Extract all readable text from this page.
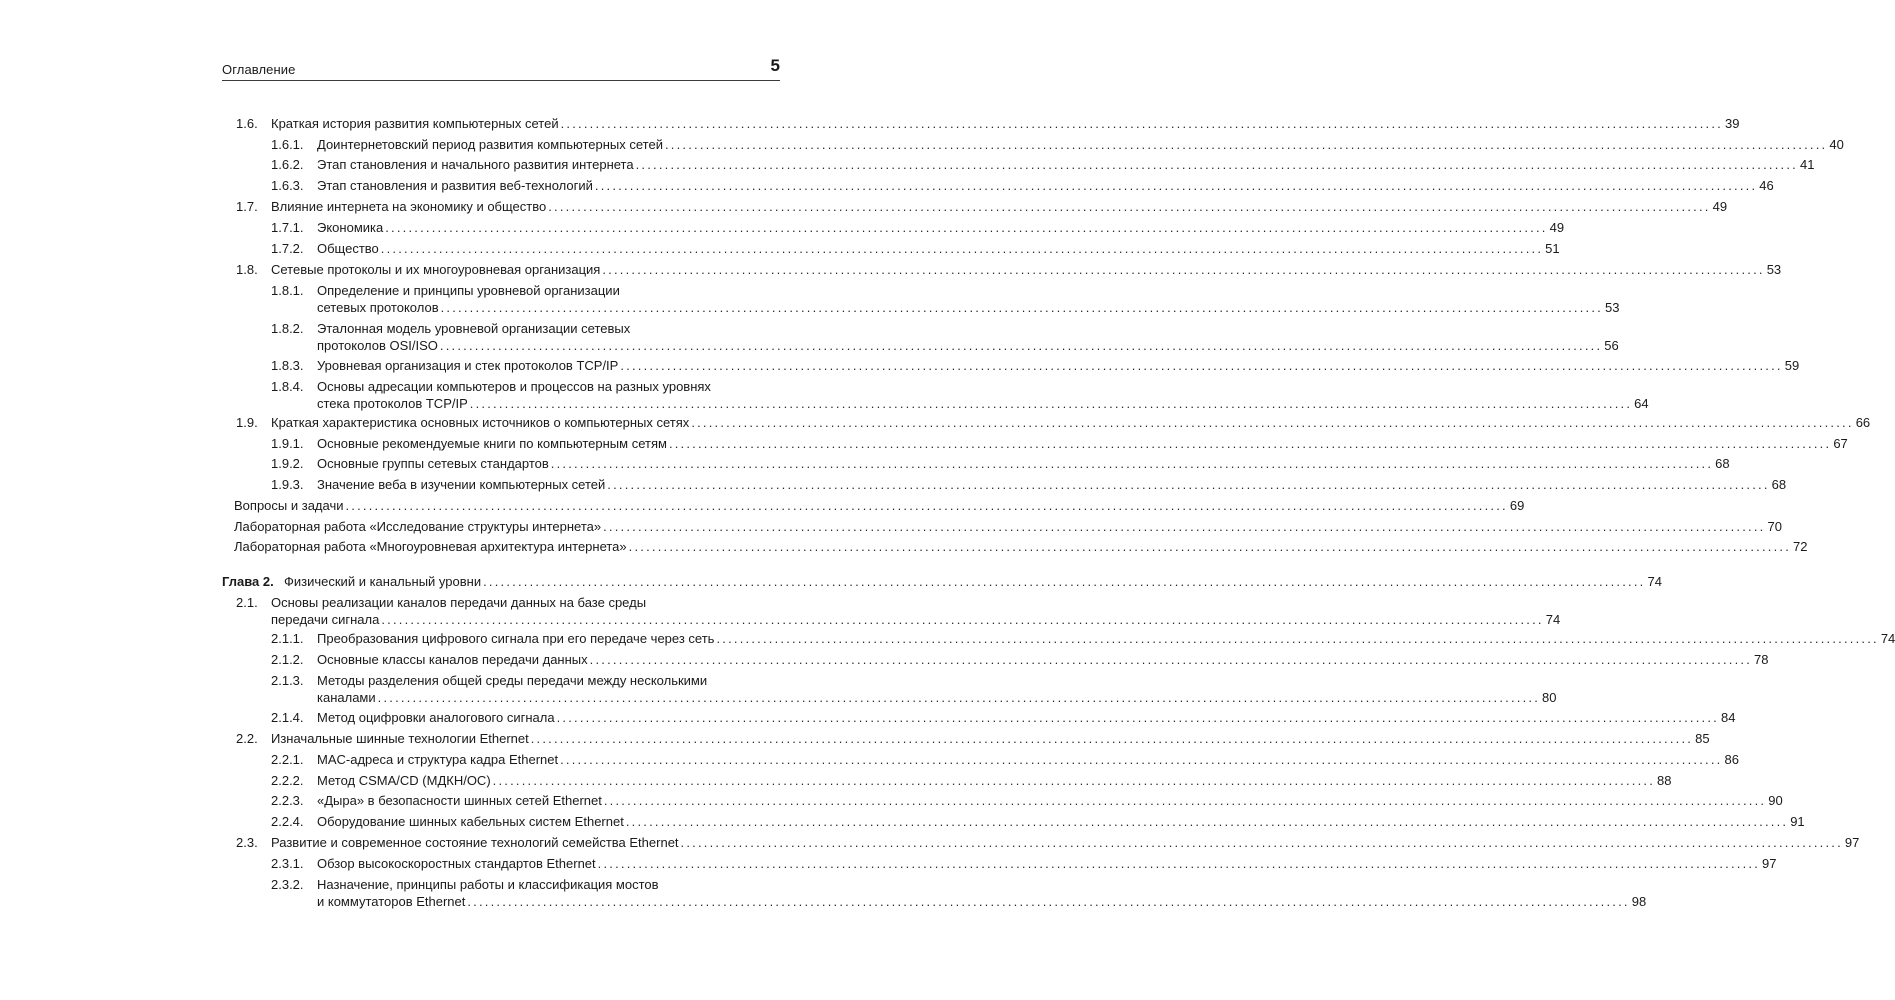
Оглавление	5
1.6. Краткая история развития компьютерных сетей ........................................................................................................................................................................................................ 39
1.6.1. Доинтернетовский период развития компьютерных сетей ........................................................................................................................................................................................................ 40
1.6.2. Этап становления и начального развития интернета ........................................................................................................................................................................................................ 41
1.6.3. Этап становления и развития веб-технологий ........................................................................................................................................................................................................ 46
1.7. Влияние интернета на экономику и общество ........................................................................................................................................................................................................ 49
1.7.1. Экономика ........................................................................................................................................................................................................ 49
1.7.2. Общество ........................................................................................................................................................................................................ 51
1.8. Сетевые протоколы и их многоуровневая организация ........................................................................................................................................................................................................ 53
1.8.1. Определение и принципы уровневой организации
сетевых протоколов ........................................................................................................................................................................................................ 53
1.8.2. Эталонная модель уровневой организации сетевых
протоколов OSI/ISO ........................................................................................................................................................................................................ 56
1.8.3. Уровневая организация и стек протоколов TCP/IP ........................................................................................................................................................................................................ 59
1.8.4. Основы адресации компьютеров и процессов на разных уровнях
стека протоколов TCP/IP ........................................................................................................................................................................................................ 64
1.9. Краткая характеристика основных источников о компьютерных сетях ........................................................................................................................................................................................................ 66
1.9.1. Основные рекомендуемые книги по компьютерным сетям ........................................................................................................................................................................................................ 67
1.9.2. Основные группы сетевых стандартов ........................................................................................................................................................................................................ 68
1.9.3. Значение веба в изучении компьютерных сетей ........................................................................................................................................................................................................ 68
Вопросы и задачи ........................................................................................................................................................................................................ 69
Лабораторная работа «Исследование структуры интернета» ........................................................................................................................................................................................................ 70
Лабораторная работа «Многоуровневая архитектура интернета» ........................................................................................................................................................................................................ 72
Глава 2. Физический и канальный уровни ........................................................................................................................................................................................................ 74
2.1. Основы реализации каналов передачи данных на базе среды
передачи сигнала ........................................................................................................................................................................................................ 74
2.1.1. Преобразования цифрового сигнала при его передаче через сеть ........................................................................................................................................................................................................ 74
2.1.2. Основные классы каналов передачи данных ........................................................................................................................................................................................................ 78
2.1.3. Методы разделения общей среды передачи между несколькими
каналами ........................................................................................................................................................................................................ 80
2.1.4. Метод оцифровки аналогового сигнала ........................................................................................................................................................................................................ 84
2.2. Изначальные шинные технологии Ethernet ........................................................................................................................................................................................................ 85
2.2.1. MAC-адреса и структура кадра Ethernet ........................................................................................................................................................................................................ 86
2.2.2. Метод CSMA/CD (МДКН/ОС) ........................................................................................................................................................................................................ 88
2.2.3. «Дыра» в безопасности шинных сетей Ethernet ........................................................................................................................................................................................................ 90
2.2.4. Оборудование шинных кабельных систем Ethernet ........................................................................................................................................................................................................ 91
2.3. Развитие и современное состояние технологий семейства Ethernet ........................................................................................................................................................................................................ 97
2.3.1. Обзор высокоскоростных стандартов Ethernet ........................................................................................................................................................................................................ 97
2.3.2. Назначение, принципы работы и классификация мостов
и коммутаторов Ethernet ........................................................................................................................................................................................................ 98
